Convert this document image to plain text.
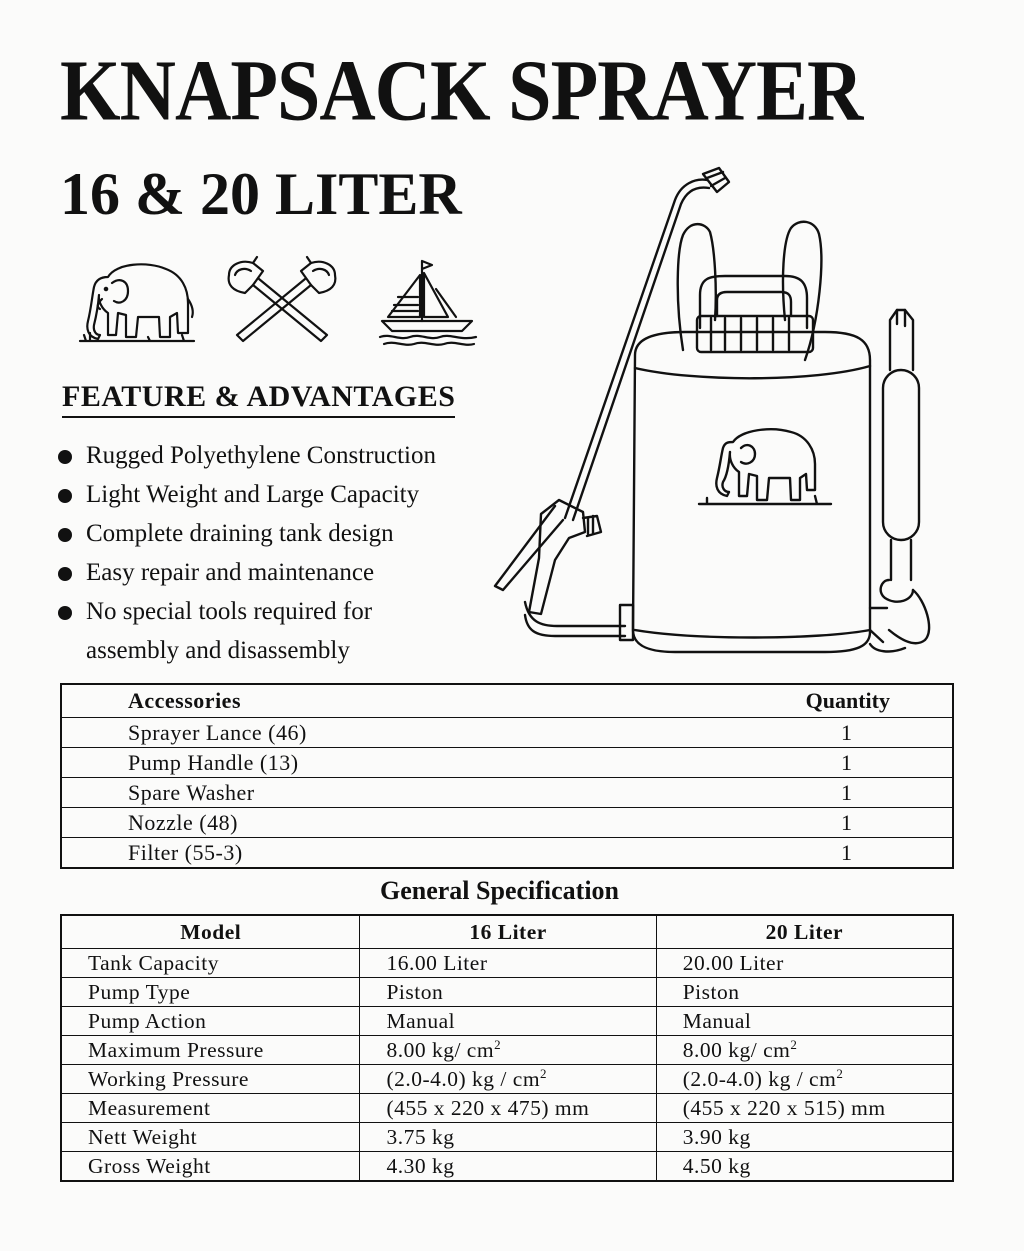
KNAPSACK SPRAYER
16 & 20 LITER
FEATURE & ADVANTAGES
Rugged Polyethylene Construction
Light Weight and Large Capacity
Complete draining tank design
Easy repair and maintenance
No special tools required for
assembly and disassembly
Accessories	Quantity
Sprayer Lance (46)	1
Pump Handle (13)	1
Spare Washer	1
Nozzle (48)	1
Filter (55-3)	1
General Specification
Model	16 Liter	20 Liter
Tank Capacity	16.00 Liter	20.00 Liter
Pump Type	Piston	Piston
Pump Action	Manual	Manual
Maximum Pressure	8.00 kg/ $cm^2$	8.00 kg/ $cm^2$
Working Pressure	(2.0-4.0) kg / $cm^2$	(2.0-4.0) kg / $cm^2$
Measurement	(455 x 220 x 475) mm	(455 x 220 x 515) mm
Nett Weight	3.75 kg	3.90 kg
Gross Weight	4.30 kg	4.50 kg
